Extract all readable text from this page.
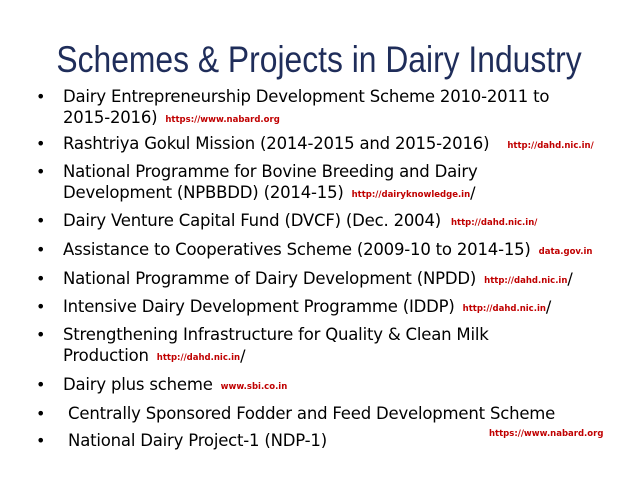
Schemes & Projects in Dairy Industry
•	Dairy Entrepreneurship Development Scheme 2010-2011 to
2015-2016) https://www.nabard.org
•	Rashtriya Gokul Mission (2014-2015 and 2015-2016) http://dahd.nic.in/
•	National Programme for Bovine Breeding and Dairy
Development (NPBBDD) (2014-15) http://dairyknowledge.in/
•	Dairy Venture Capital Fund (DVCF) (Dec. 2004) http://dahd.nic.in/
•	Assistance to Cooperatives Scheme (2009-10 to 2014-15) data.gov.in
•	National Programme of Dairy Development (NPDD) http://dahd.nic.in/
•	Intensive Dairy Development Programme (IDDP) http://dahd.nic.in/
•	Strengthening Infrastructure for Quality & Clean Milk
Production http://dahd.nic.in/
•	Dairy plus scheme www.sbi.co.in
•	Centrally Sponsored Fodder and Feed Development Scheme
•	National Dairy Project-1 (NDP-1)	https://www.nabard.org
